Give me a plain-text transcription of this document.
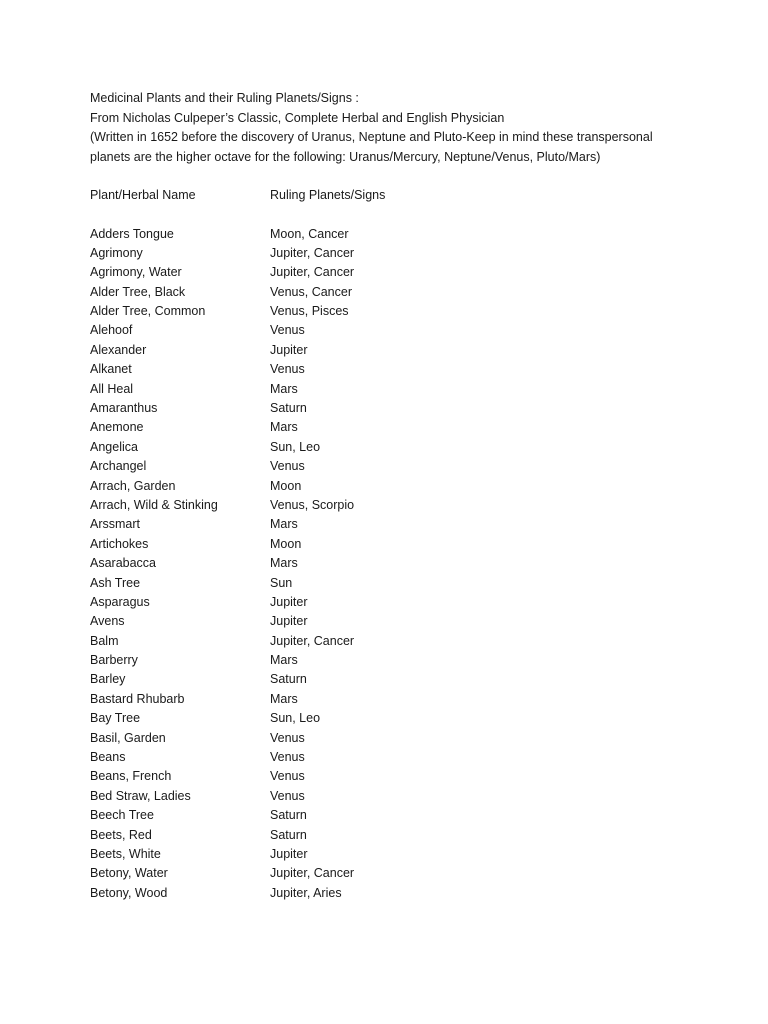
Medicinal Plants and their Ruling Planets/Signs :

From Nicholas Culpeper’s Classic, Complete Herbal and English Physician

(Written in 1652 before the discovery of Uranus, Neptune and Pluto-Keep in mind these transpersonal

planets are the higher octave for the following: Uranus/Mercury, Neptune/Venus, Pluto/Mars)

Plant/Herbal Name	Ruling Planets/Signs
Adders Tongue	Moon, Cancer
Agrimony	Jupiter, Cancer
Agrimony, Water	Jupiter, Cancer
Alder Tree, Black	Venus, Cancer
Alder Tree, Common	Venus, Pisces
Alehoof	Venus
Alexander	Jupiter
Alkanet	Venus
All Heal	Mars
Amaranthus	Saturn
Anemone	Mars
Angelica	Sun, Leo
Archangel	Venus
Arrach, Garden	Moon
Arrach, Wild & Stinking	Venus, Scorpio
Arssmart	Mars
Artichokes	Moon
Asarabacca	Mars
Ash Tree	Sun
Asparagus	Jupiter
Avens	Jupiter
Balm	Jupiter, Cancer
Barberry	Mars
Barley	Saturn
Bastard Rhubarb	Mars
Bay Tree	Sun, Leo
Basil, Garden	Venus
Beans	Venus
Beans, French	Venus
Bed Straw, Ladies	Venus
Beech Tree	Saturn
Beets, Red	Saturn
Beets, White	Jupiter
Betony, Water	Jupiter, Cancer
Betony, Wood	Jupiter, Aries
